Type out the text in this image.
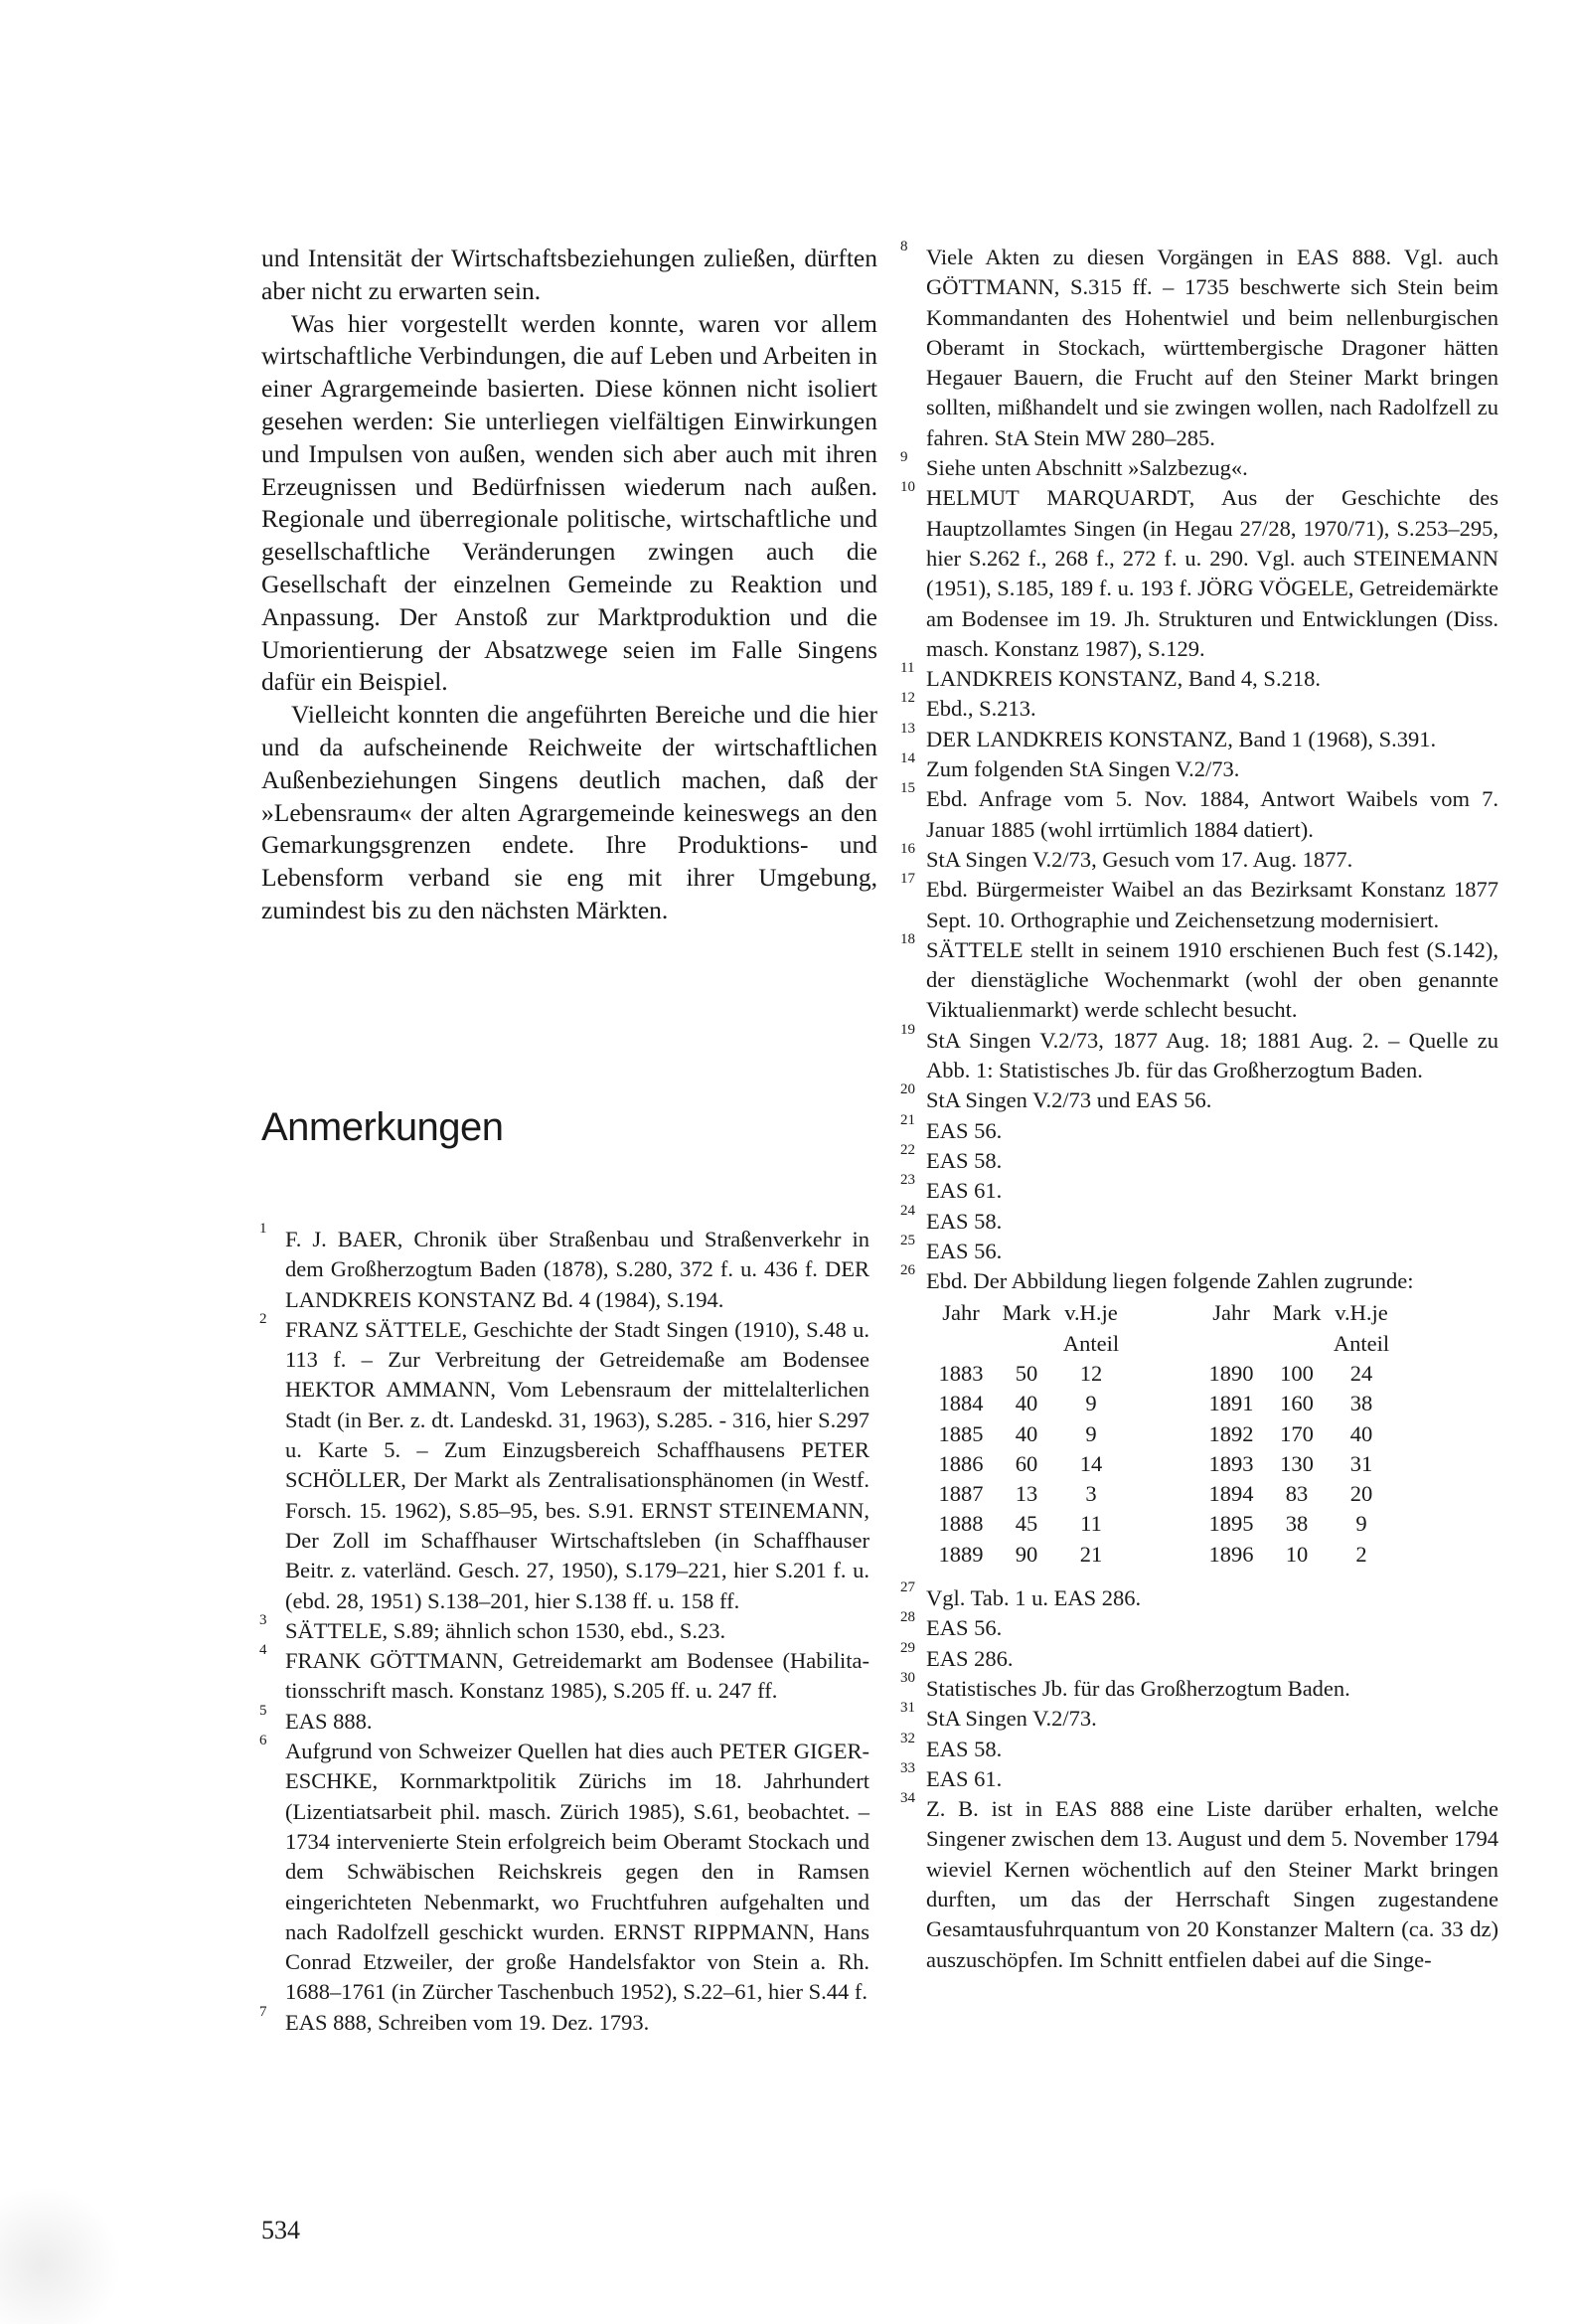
und Intensität der Wirtschaftsbeziehungen zuließen, dürften aber nicht zu erwarten sein.

Was hier vorgestellt werden konnte, waren vor allem wirtschaftliche Verbindungen, die auf Leben und Arbeiten in einer Agrargemeinde basierten. Diese können nicht isoliert gesehen werden: Sie unterliegen vielfältigen Einwirkungen und Impulsen von außen, wenden sich aber auch mit ihren Erzeugnissen und Bedürfnissen wiederum nach außen. Regionale und überregionale politische, wirtschaftliche und gesellschaftliche Veränderungen zwingen auch die Gesellschaft der einzelnen Gemeinde zu Reaktion und Anpassung. Der Anstoß zur Marktproduktion und die Umorientierung der Absatzwege seien im Falle Singens dafür ein Beispiel.

Vielleicht konnten die angeführten Bereiche und die hier und da aufscheinende Reichweite der wirtschaftlichen Außenbeziehungen Singens deutlich machen, daß der »Lebensraum« der alten Agrargemeinde keineswegs an den Gemarkungsgrenzen endete. Ihre Produktions- und Lebensform verband sie eng mit ihrer Umgebung, zumindest bis zu den nächsten Märkten.

Anmerkungen
1 F. J. BAER, Chronik über Straßenbau und Straßenverkehr in dem Großherzogtum Baden (1878), S.280, 372 f. u. 436 f. DER LANDKREIS KONSTANZ Bd. 4 (1984), S.194.
2 FRANZ SÄTTELE, Geschichte der Stadt Singen (1910), S.48 u. 113 f. – Zur Verbreitung der Getreidemaße am Bodensee HEKTOR AMMANN, Vom Lebensraum der mittelalterlichen Stadt (in Ber. z. dt. Landeskd. 31, 1963), S.285. - 316, hier S.297 u. Karte 5. – Zum Einzugsbereich Schaffhausens PETER SCHÖLLER, Der Markt als Zentralisationsphänomen (in Westf. Forsch. 15. 1962), S.85–95, bes. S.91. ERNST STEINEMANN, Der Zoll im Schaffhauser Wirtschaftsleben (in Schaffhauser Beitr. z. vaterländ. Gesch. 27, 1950), S.179–221, hier S.201 f. u. (ebd. 28, 1951) S.138–201, hier S.138 ff. u. 158 ff.
3 SÄTTELE, S.89; ähnlich schon 1530, ebd., S.23.
4 FRANK GÖTTMANN, Getreidemarkt am Bodensee (Habilitationsschrift masch. Konstanz 1985), S.205 ff. u. 247 ff.
5 EAS 888.
6 Aufgrund von Schweizer Quellen hat dies auch PETER GIGER-ESCHKE, Kornmarktpolitik Zürichs im 18. Jahrhundert (Lizentiatsarbeit phil. masch. Zürich 1985), S.61, beobachtet. – 1734 intervenierte Stein erfolgreich beim Oberamt Stockach und dem Schwäbischen Reichskreis gegen den in Ramsen eingerichteten Nebenmarkt, wo Fruchtfuhren aufgehalten und nach Radolfzell geschickt wurden. ERNST RIPPMANN, Hans Conrad Etzweiler, der große Handelsfaktor von Stein a. Rh. 1688–1761 (in Zürcher Taschenbuch 1952), S.22–61, hier S.44 f.
7 EAS 888, Schreiben vom 19. Dez. 1793.
8 Viele Akten zu diesen Vorgängen in EAS 888. Vgl. auch GÖTTMANN, S.315 ff. – 1735 beschwerte sich Stein beim Kommandanten des Hohentwiel und beim nellenburgischen Oberamt in Stockach, württembergische Dragoner hätten Hegauer Bauern, die Frucht auf den Steiner Markt bringen sollten, mißhandelt und sie zwingen wollen, nach Radolfzell zu fahren. StA Stein MW 280–285.
9 Siehe unten Abschnitt »Salzbezug«.
10 HELMUT MARQUARDT, Aus der Geschichte des Hauptzollamtes Singen (in Hegau 27/28, 1970/71), S.253–295, hier S.262 f., 268 f., 272 f. u. 290. Vgl. auch STEINEMANN (1951), S.185, 189 f. u. 193 f. JÖRG VÖGELE, Getreidemärkte am Bodensee im 19. Jh. Strukturen und Entwicklungen (Diss. masch. Konstanz 1987), S.129.
11 LANDKREIS KONSTANZ, Band 4, S.218.
12 Ebd., S.213.
13 DER LANDKREIS KONSTANZ, Band 1 (1968), S.391.
14 Zum folgenden StA Singen V.2/73.
15 Ebd. Anfrage vom 5. Nov. 1884, Antwort Waibels vom 7. Januar 1885 (wohl irrtümlich 1884 datiert).
16 StA Singen V.2/73, Gesuch vom 17. Aug. 1877.
17 Ebd. Bürgermeister Waibel an das Bezirksamt Konstanz 1877 Sept. 10. Orthographie und Zeichensetzung modernisiert.
18 SÄTTELE stellt in seinem 1910 erschienen Buch fest (S.142), der dienstägliche Wochenmarkt (wohl der oben genannte Viktualienmarkt) werde schlecht besucht.
19 StA Singen V.2/73, 1877 Aug. 18; 1881 Aug. 2. – Quelle zu Abb. 1: Statistisches Jb. für das Großherzogtum Baden.
20 StA Singen V.2/73 und EAS 56.
21 EAS 56.
22 EAS 58.
23 EAS 61.
24 EAS 58.
25 EAS 56.
26 Ebd. Der Abbildung liegen folgende Zahlen zugrunde:
Jahr	Mark	v.H.je Anteil		Jahr	Mark	v.H.je Anteil
1883	50	12		1890	100	24
1884	40	9		1891	160	38
1885	40	9		1892	170	40
1886	60	14		1893	130	31
1887	13	3		1894	83	20
1888	45	11		1895	38	9
1889	90	21		1896	10	2
27 Vgl. Tab. 1 u. EAS 286.
28 EAS 56.
29 EAS 286.
30 Statistisches Jb. für das Großherzogtum Baden.
31 StA Singen V.2/73.
32 EAS 58.
33 EAS 61.
34 Z. B. ist in EAS 888 eine Liste darüber erhalten, welche Singener zwischen dem 13. August und dem 5. November 1794 wieviel Kernen wöchentlich auf den Steiner Markt bringen durften, um das der Herrschaft Singen zugestandene Gesamtausfuhrquantum von 20 Konstanzer Maltern (ca. 33 dz) auszuschöpfen. Im Schnitt entfielen dabei auf die Singe-

534
